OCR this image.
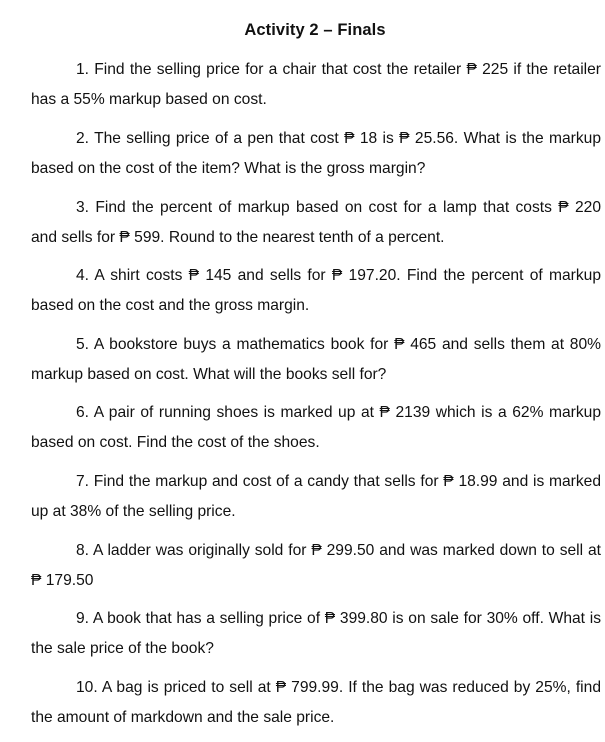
Activity 2 – Finals

1. Find the selling price for a chair that cost the retailer ₱ 225 if the retailer has a 55% markup based on cost.

2. The selling price of a pen that cost ₱ 18 is ₱ 25.56. What is the markup based on the cost of the item? What is the gross margin?

3. Find the percent of markup based on cost for a lamp that costs ₱ 220 and sells for ₱ 599. Round to the nearest tenth of a percent.

4. A shirt costs ₱ 145 and sells for ₱ 197.20. Find the percent of markup based on the cost and the gross margin.

5. A bookstore buys a mathematics book for ₱ 465 and sells them at 80% markup based on cost. What will the books sell for?

6. A pair of running shoes is marked up at ₱ 2139 which is a 62% markup based on cost. Find the cost of the shoes.

7. Find the markup and cost of a candy that sells for ₱ 18.99 and is marked up at 38% of the selling price.

8. A ladder was originally sold for ₱ 299.50 and was marked down to sell at ₱ 179.50

9. A book that has a selling price of ₱ 399.80 is on sale for 30% off. What is the sale price of the book?

10. A bag is priced to sell at ₱ 799.99. If the bag was reduced by 25%, find the amount of markdown and the sale price.
